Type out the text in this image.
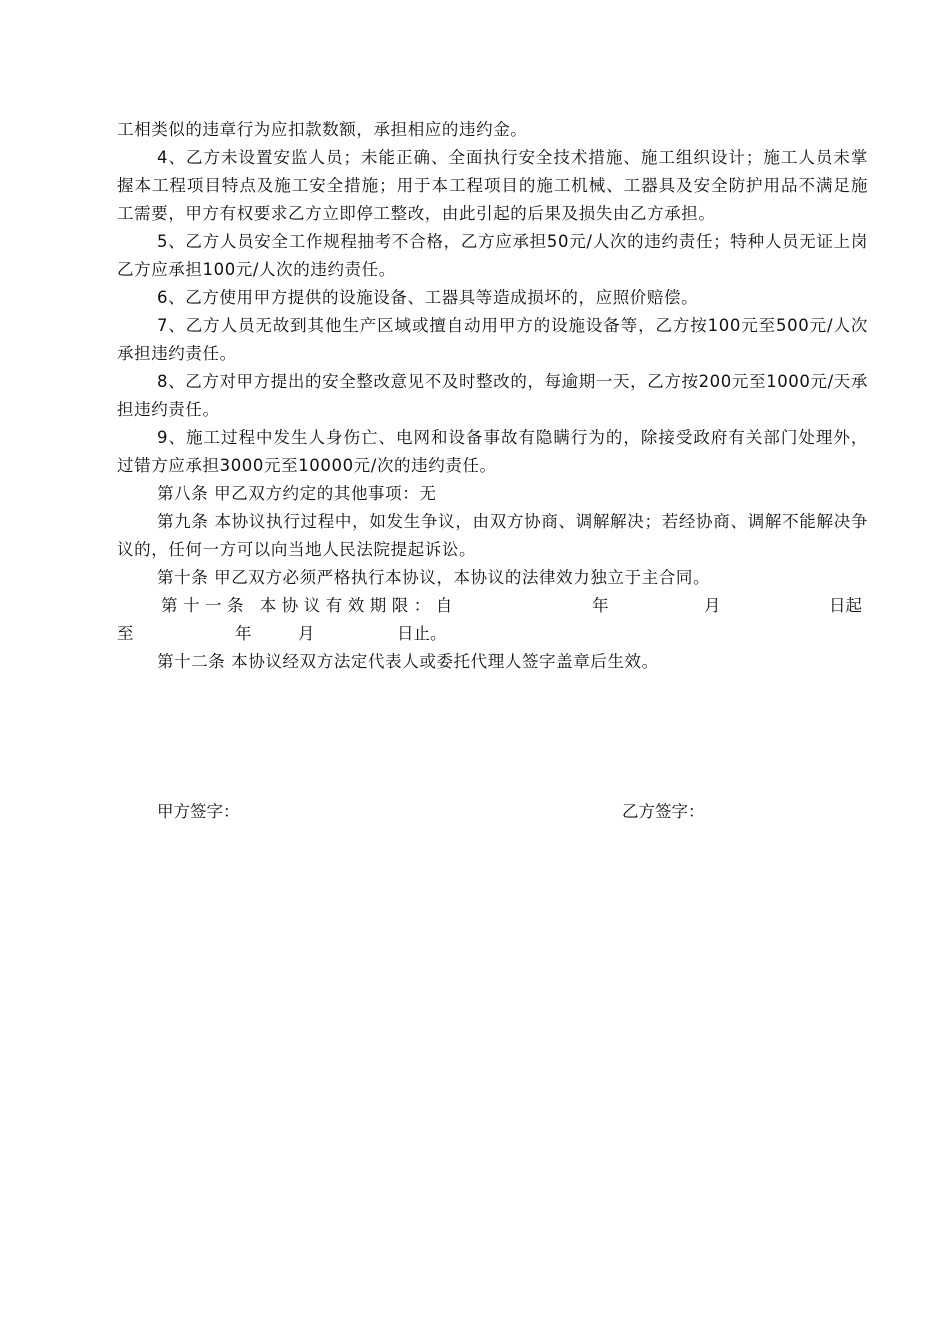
工相类似的违章行为应扣款数额，承担相应的违约金。

4、乙方未设置安监人员；未能正确、全面执行安全技术措施、施工组织设计；施工人员未掌握本工程项目特点及施工安全措施；用于本工程项目的施工机械、工器具及安全防护用品不满足施工需要，甲方有权要求乙方立即停工整改，由此引起的后果及损失由乙方承担。

5、乙方人员安全工作规程抽考不合格，乙方应承担50元/人次的违约责任；特种人员无证上岗乙方应承担100元/人次的违约责任。

6、乙方使用甲方提供的设施设备、工器具等造成损坏的，应照价赔偿。

7、乙方人员无故到其他生产区域或擅自动用甲方的设施设备等，乙方按100元至500元/人次承担违约责任。

8、乙方对甲方提出的安全整改意见不及时整改的，每逾期一天，乙方按200元至1000元/天承担违约责任。

9、施工过程中发生人身伤亡、电网和设备事故有隐瞒行为的，除接受政府有关部门处理外，过错方应承担3000元至10000元/次的违约责任。

第八条 甲乙双方约定的其他事项：无

第九条 本协议执行过程中，如发生争议，由双方协商、调解解决；若经协商、调解不能解决争议的，任何一方可以向当地人民法院提起诉讼。

第十条 甲乙双方必须严格执行本协议，本协议的法律效力独立于主合同。

第十一条 本协议有效期限：自	年	月	日起
至	年	月	日止。

第十二条 本协议经双方法定代表人或委托代理人签字盖章后生效。

甲方签字：	乙方签字：
